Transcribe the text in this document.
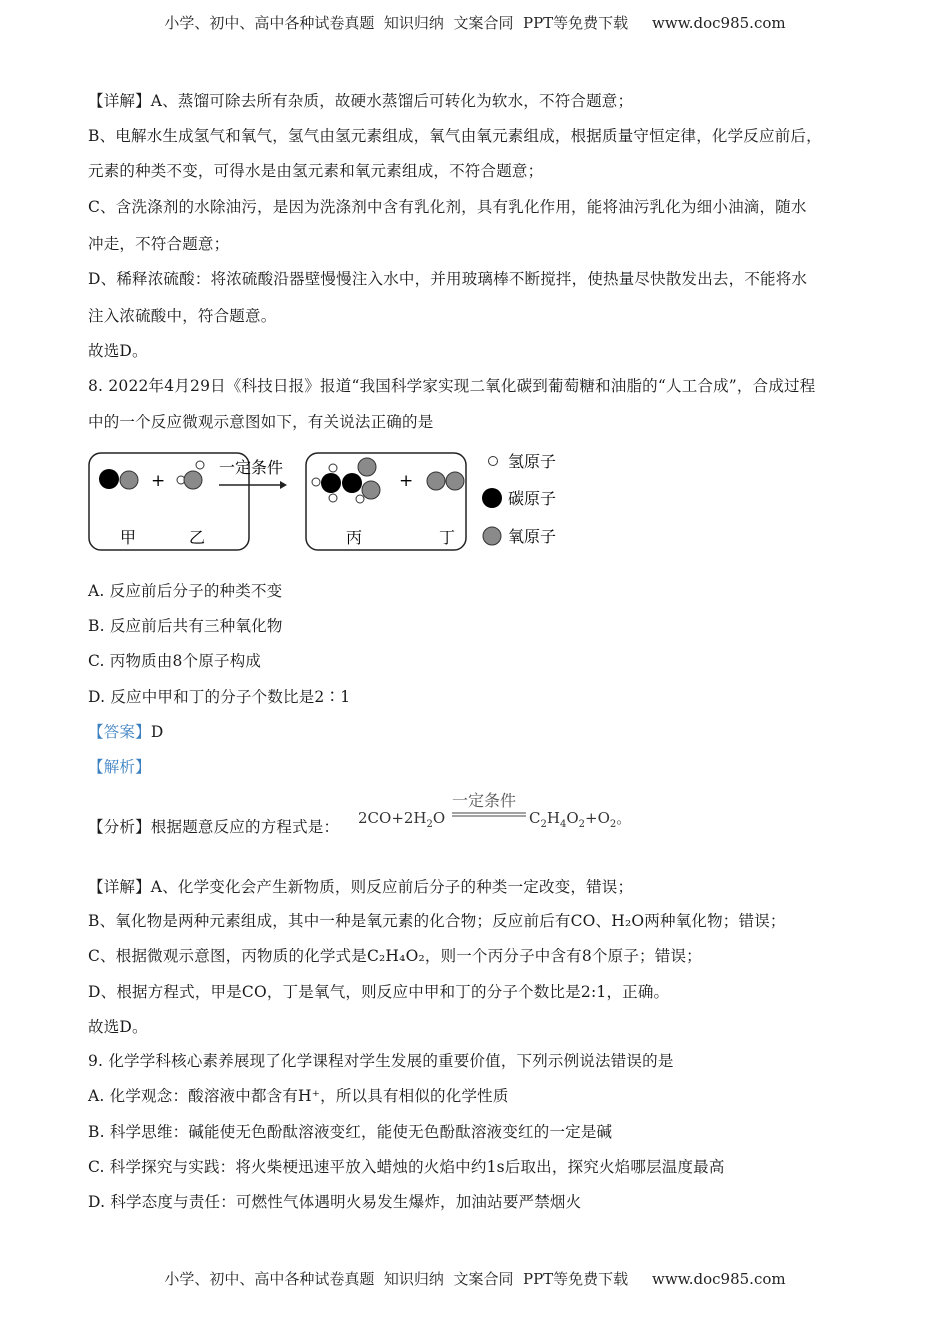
小学、初中、高中各种试卷真题  知识归纳  文案合同  PPT等免费下载     www.doc985.com
【详解】A、蒸馏可除去所有杂质，故硬水蒸馏后可转化为软水，不符合题意；
B、电解水生成氢气和氧气，氢气由氢元素组成，氧气由氧元素组成，根据质量守恒定律，化学反应前后，
元素的种类不变，可得水是由氢元素和氧元素组成，不符合题意；
C、含洗涤剂的水除油污，是因为洗涤剂中含有乳化剂，具有乳化作用，能将油污乳化为细小油滴，随水
冲走，不符合题意；
D、稀释浓硫酸：将浓硫酸沿器壁慢慢注入水中，并用玻璃棒不断搅拌，使热量尽快散发出去，不能将水
注入浓硫酸中，符合题意。
故选D。
8. 2022年4月29日《科技日报》报道“我国科学家实现二氧化碳到葡萄糖和油脂的“人工合成”，合成过程
中的一个反应微观示意图如下，有关说法正确的是
+
甲	乙
一定条件
+
丙	丁
氢原子
碳原子
氧原子
A. 反应前后分子的种类不变
B. 反应前后共有三种氧化物
C. 丙物质由8个原子构成
D. 反应中甲和丁的分子个数比是2∶1
【答案】D
【解析】
【分析】根据题意反应的方程式是：
一定条件
$2CO+2H_2O$	$C_2H_4O_2+O_2$。
【详解】A、化学变化会产生新物质，则反应前后分子的种类一定改变，错误；
B、氧化物是两种元素组成，其中一种是氧元素的化合物；反应前后有CO、H₂O两种氧化物；错误；
C、根据微观示意图，丙物质的化学式是C₂H₄O₂，则一个丙分子中含有8个原子；错误；
D、根据方程式，甲是CO，丁是氧气，则反应中甲和丁的分子个数比是2:1，正确。
故选D。
9. 化学学科核心素养展现了化学课程对学生发展的重要价值，下列示例说法错误的是
A. 化学观念：酸溶液中都含有H⁺，所以具有相似的化学性质
B. 科学思维：碱能使无色酚酞溶液变红，能使无色酚酞溶液变红的一定是碱
C. 科学探究与实践：将火柴梗迅速平放入蜡烛的火焰中约1s后取出，探究火焰哪层温度最高
D. 科学态度与责任：可燃性气体遇明火易发生爆炸，加油站要严禁烟火
小学、初中、高中各种试卷真题  知识归纳  文案合同  PPT等免费下载     www.doc985.com
